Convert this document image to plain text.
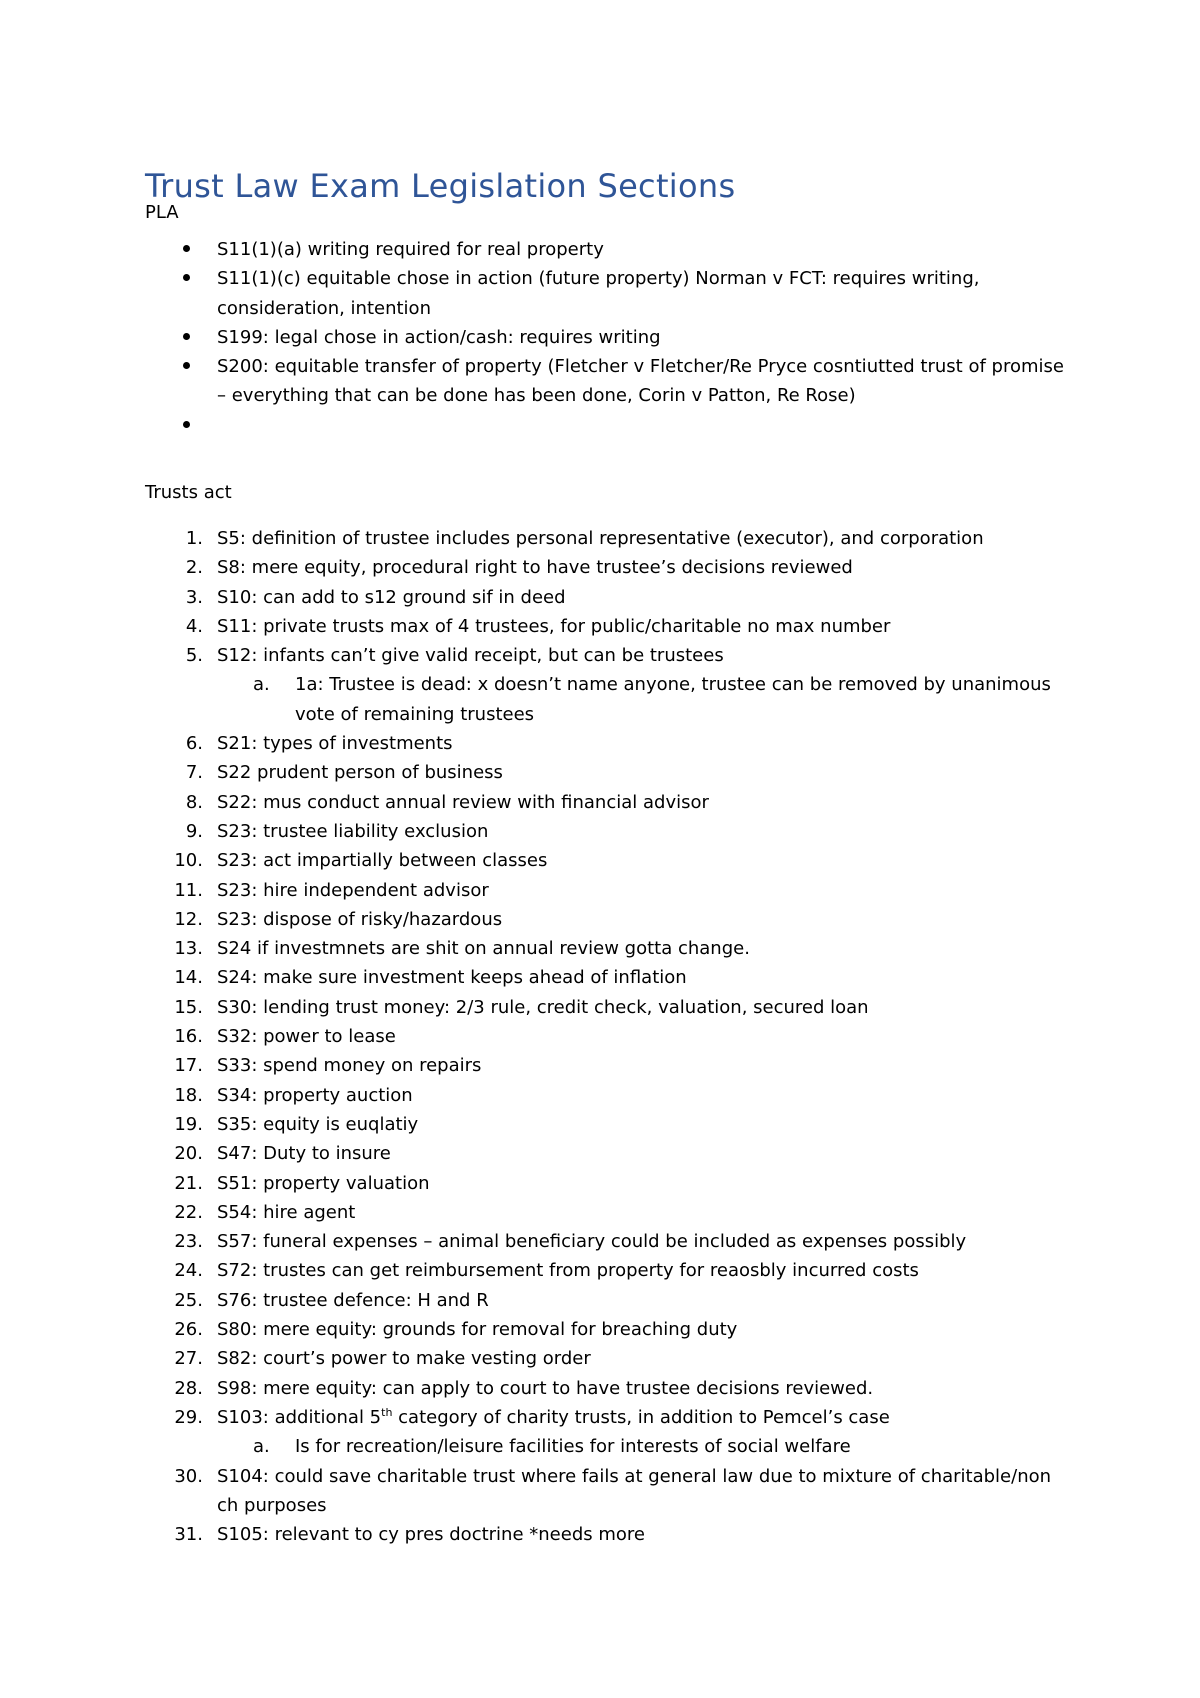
Trust Law Exam Legislation Sections

PLA

S11(1)(a) writing required for real property
S11(1)(c) equitable chose in action (future property) Norman v FCT: requires writing, consideration, intention
S199: legal chose in action/cash: requires writing
S200: equitable transfer of property (Fletcher v Fletcher/Re Pryce cosntiutted trust of promise – everything that can be done has been done, Corin v Patton, Re Rose)

Trusts act

1. S5: definition of trustee includes personal representative (executor), and corporation
2. S8: mere equity, procedural right to have trustee’s decisions reviewed
3. S10: can add to s12 ground sif in deed
4. S11: private trusts max of 4 trustees, for public/charitable no max number
5. S12: infants can’t give valid receipt, but can be trustees
a.	1a: Trustee is dead: x doesn’t name anyone, trustee can be removed by unanimous vote of remaining trustees
6. S21: types of investments
7. S22 prudent person of business
8. S22: mus conduct annual review with financial advisor
9. S23: trustee liability exclusion
10. S23: act impartially between classes
11. S23: hire independent advisor
12. S23: dispose of risky/hazardous
13. S24 if investmnets are shit on annual review gotta change.
14. S24: make sure investment keeps ahead of inflation
15. S30: lending trust money: 2/3 rule, credit check, valuation, secured loan
16. S32: power to lease
17. S33: spend money on repairs
18. S34: property auction
19. S35: equity is euqlatiy
20. S47: Duty to insure
21. S51: property valuation
22. S54: hire agent
23. S57: funeral expenses – animal beneficiary could be included as expenses possibly
24. S72: trustes can get reimbursement from property for reaosbly incurred costs
25. S76: trustee defence: H and R
26. S80: mere equity: grounds for removal for breaching duty
27. S82: court’s power to make vesting order
28. S98: mere equity: can apply to court to have trustee decisions reviewed.
29. S103: additional 5th category of charity trusts, in addition to Pemcel’s case
a.	Is for recreation/leisure facilities for interests of social welfare
30. S104: could save charitable trust where fails at general law due to mixture of charitable/non ch purposes
31. S105: relevant to cy pres doctrine *needs more
